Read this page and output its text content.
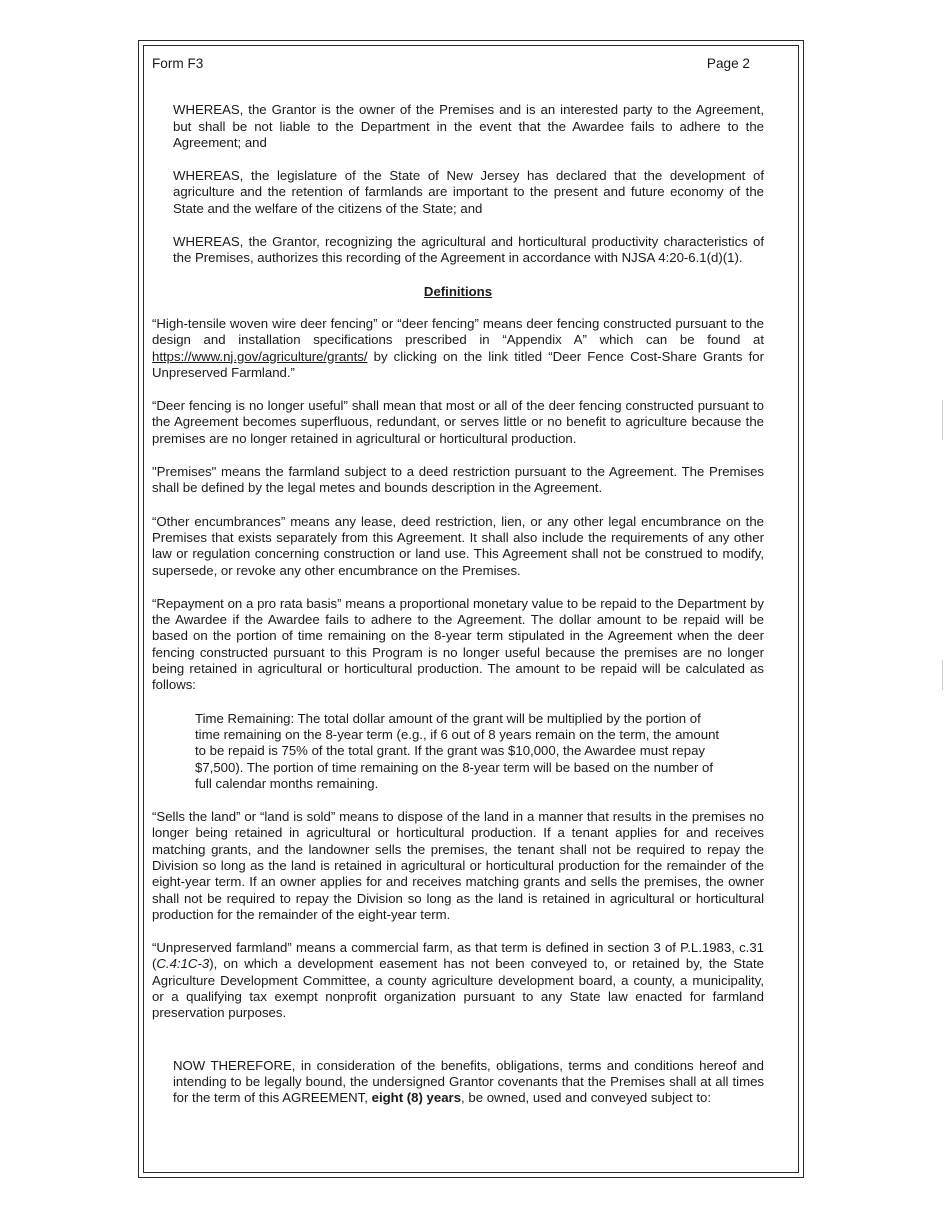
Form F3	Page 2

WHEREAS, the Grantor is the owner of the Premises and is an interested party to the Agreement, but shall be not liable to the Department in the event that the Awardee fails to adhere to the Agreement; and

WHEREAS, the legislature of the State of New Jersey has declared that the development of agriculture and the retention of farmlands are important to the present and future economy of the State and the welfare of the citizens of the State; and

WHEREAS, the Grantor, recognizing the agricultural and horticultural productivity characteristics of the Premises, authorizes this recording of the Agreement in accordance with NJSA 4:20-6.1(d)(1).

Definitions

“High-tensile woven wire deer fencing” or “deer fencing” means deer fencing constructed pursuant to the design and installation specifications prescribed in “Appendix A” which can be found at https://www.nj.gov/agriculture/grants/ by clicking on the link titled “Deer Fence Cost-Share Grants for Unpreserved Farmland.”

“Deer fencing is no longer useful” shall mean that most or all of the deer fencing constructed pursuant to the Agreement becomes superfluous, redundant, or serves little or no benefit to agriculture because the premises are no longer retained in agricultural or horticultural production.

"Premises" means the farmland subject to a deed restriction pursuant to the Agreement. The Premises shall be defined by the legal metes and bounds description in the Agreement.

“Other encumbrances” means any lease, deed restriction, lien, or any other legal encumbrance on the Premises that exists separately from this Agreement. It shall also include the requirements of any other law or regulation concerning construction or land use. This Agreement shall not be construed to modify, supersede, or revoke any other encumbrance on the Premises.

“Repayment on a pro rata basis” means a proportional monetary value to be repaid to the Department by the Awardee if the Awardee fails to adhere to the Agreement. The dollar amount to be repaid will be based on the portion of time remaining on the 8-year term stipulated in the Agreement when the deer fencing constructed pursuant to this Program is no longer useful because the premises are no longer being retained in agricultural or horticultural production. The amount to be repaid will be calculated as follows:

Time Remaining: The total dollar amount of the grant will be multiplied by the portion of time remaining on the 8-year term (e.g., if 6 out of 8 years remain on the term, the amount to be repaid is 75% of the total grant. If the grant was $10,000, the Awardee must repay $7,500). The portion of time remaining on the 8-year term will be based on the number of full calendar months remaining.

“Sells the land” or “land is sold” means to dispose of the land in a manner that results in the premises no longer being retained in agricultural or horticultural production. If a tenant applies for and receives matching grants, and the landowner sells the premises, the tenant shall not be required to repay the Division so long as the land is retained in agricultural or horticultural production for the remainder of the eight-year term. If an owner applies for and receives matching grants and sells the premises, the owner shall not be required to repay the Division so long as the land is retained in agricultural or horticultural production for the remainder of the eight-year term.

“Unpreserved farmland” means a commercial farm, as that term is defined in section 3 of P.L.1983, c.31 (C.4:1C-3), on which a development easement has not been conveyed to, or retained by, the State Agriculture Development Committee, a county agriculture development board, a county, a municipality, or a qualifying tax exempt nonprofit organization pursuant to any State law enacted for farmland preservation purposes.

NOW THEREFORE, in consideration of the benefits, obligations, terms and conditions hereof and intending to be legally bound, the undersigned Grantor covenants that the Premises shall at all times for the term of this AGREEMENT, eight (8) years, be owned, used and conveyed subject to:
